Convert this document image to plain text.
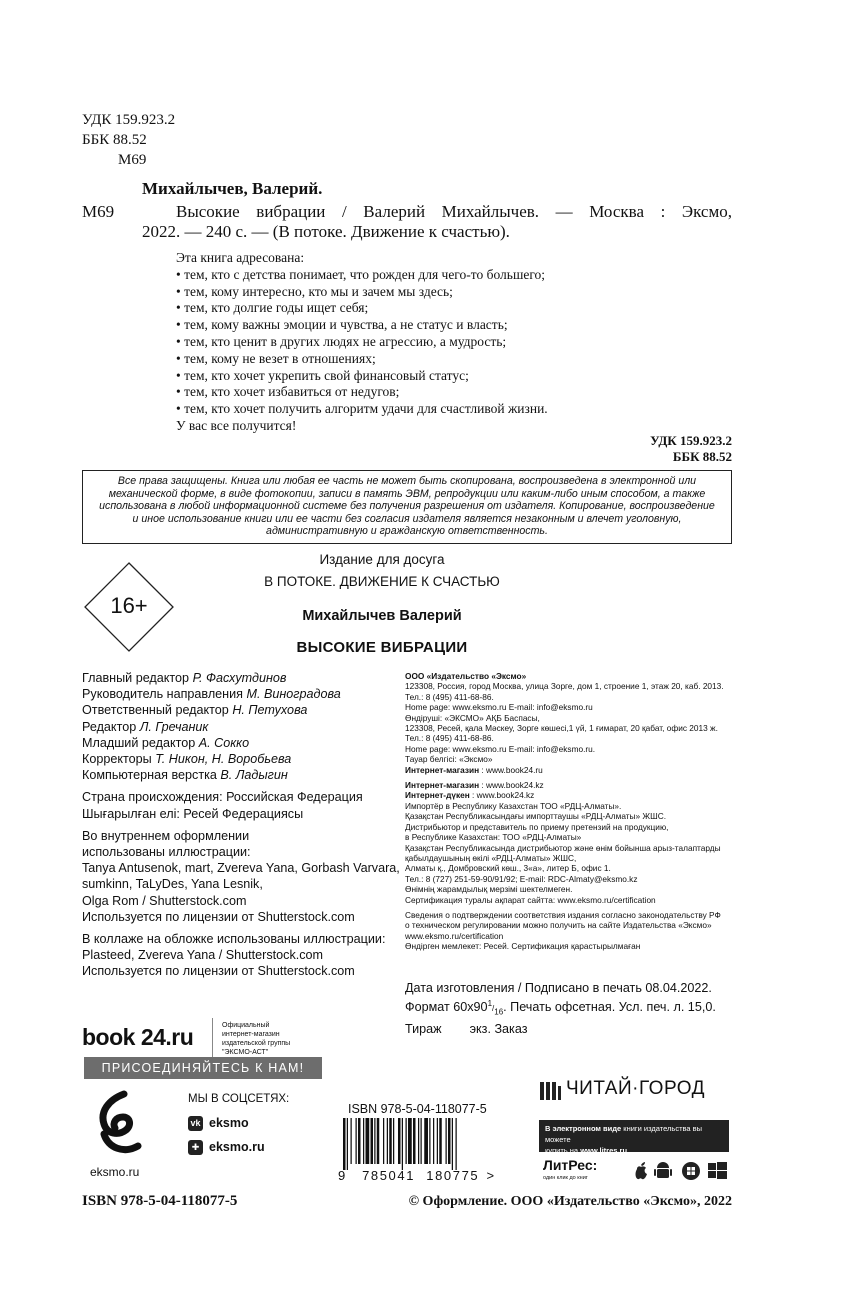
УДК 159.923.2
ББК 88.52
М69
Михайлычев, Валерий.
М69	Высокие вибрации / Валерий Михайлычев. — Москва : Эксмо,
2022. — 240 с. — (В потоке. Движение к счастью).
Эта книга адресована:
• тем, кто с детства понимает, что рожден для чего-то большего;
• тем, кому интересно, кто мы и зачем мы здесь;
• тем, кто долгие годы ищет себя;
• тем, кому важны эмоции и чувства, а не статус и власть;
• тем, кто ценит в других людях не агрессию, а мудрость;
• тем, кому не везет в отношениях;
• тем, кто хочет укрепить свой финансовый статус;
• тем, кто хочет избавиться от недугов;
• тем, кто хочет получить алгоритм удачи для счастливой жизни.
У вас все получится!
УДК 159.923.2
ББК 88.52
Все права защищены. Книга или любая ее часть не может быть скопирована, воспроизведена в электронной или механической форме, в виде фотокопии, записи в память ЭВМ, репродукции или каким-либо иным способом, а также использована в любой информационной системе без получения разрешения от издателя. Копирование, воспроизведение и иное использование книги или ее части без согласия издателя является незаконным и влечет уголовную, административную и гражданскую ответственность.
Издание для досуга
В ПОТОКЕ. ДВИЖЕНИЕ К СЧАСТЬЮ
Михайлычев Валерий
ВЫСОКИЕ ВИБРАЦИИ
16+
Главный редактор Р. Фасхутдинов
Руководитель направления М. Виноградова
Ответственный редактор Н. Петухова
Редактор Л. Гречаник
Младший редактор А. Сокко
Корректоры Т. Никон, Н. Воробьева
Компьютерная верстка В. Ладыгин
Страна происхождения: Российская Федерация
Шығарылған елі: Ресей Федерациясы
Во внутреннем оформлении
использованы иллюстрации:
Tanya Antusenok, mart, Zvereva Yana, Gorbash Varvara,
sumkinn, TaLyDes, Yana Lesnik,
Olga Rom / Shutterstock.com
Используется по лицензии от Shutterstock.com
В коллаже на обложке использованы иллюстрации:
Plasteed, Zvereva Yana / Shutterstock.com
Используется по лицензии от Shutterstock.com
ООО «Издательство «Эксмо»
123308, Россия, город Москва, улица Зорге, дом 1, строение 1, этаж 20, каб. 2013.
Тел.: 8 (495) 411-68-86.
Home page: www.eksmo.ru E-mail: info@eksmo.ru
Өндіруші: «ЭКСМО» АҚБ Баспасы,
123308, Ресей, қала Мәскеу, Зорге көшесі,1 үй, 1 ғимарат, 20 қабат, офис 2013 ж.
Тел.: 8 (495) 411-68-86.
Home page: www.eksmo.ru E-mail: info@eksmo.ru.
Тауар белгісі: «Эксмо»
Интернет-магазин : www.book24.ru
Интернет-магазин : www.book24.kz
Интернет-дүкен : www.book24.kz
Импортёр в Республику Казахстан ТОО «РДЦ-Алматы».
Қазақстан Республикасындағы импорттаушы «РДЦ-Алматы» ЖШС.
Дистрибьютор и представитель по приему претензий на продукцию,
в Республике Казахстан: ТОО «РДЦ-Алматы»
Қазақстан Республикасында дистрибьютор және өнім бойынша арыз-талаптарды
қабылдаушының өкілі «РДЦ-Алматы» ЖШС,
Алматы қ., Домбровский көш., 3«а», литер Б, офис 1.
Тел.: 8 (727) 251-59-90/91/92; E-mail: RDC-Almaty@eksmo.kz
Өнімнің жарамдылық мерзімі шектелмеген.
Сертификация туралы ақпарат сайтта: www.eksmo.ru/certification
Сведения о подтверждении соответствия издания согласно законодательству РФ
о техническом регулировании можно получить на сайте Издательства «Эксмо»
www.eksmo.ru/certification
Өндірген мемлекет: Ресей. Сертификация қарастырылмаған
Дата изготовления / Подписано в печать 08.04.2022.
Формат $60х90^1/_{16}$. Печать офсетная. Усл. печ. л. 15,0.
Тираж        экз. Заказ
book 24.ru	Официальный
интернет-магазин
издательской группы
"ЭКСМО-АСТ"
ПРИСОЕДИНЯЙТЕСЬ К НАМ!
eksmo.ru
МЫ В СОЦСЕТЯХ:
vk eksmo
✚ eksmo.ru
ISBN 978-5-04-118077-5
9 785041 180775 >
ЧИТАЙ·ГОРОД
В электронном виде книги издательства вы можете
купить на www.litres.ru
ЛитРес:
один клик до книг
ISBN 978-5-04-118077-5	© Оформление. ООО «Издательство «Эксмо», 2022
